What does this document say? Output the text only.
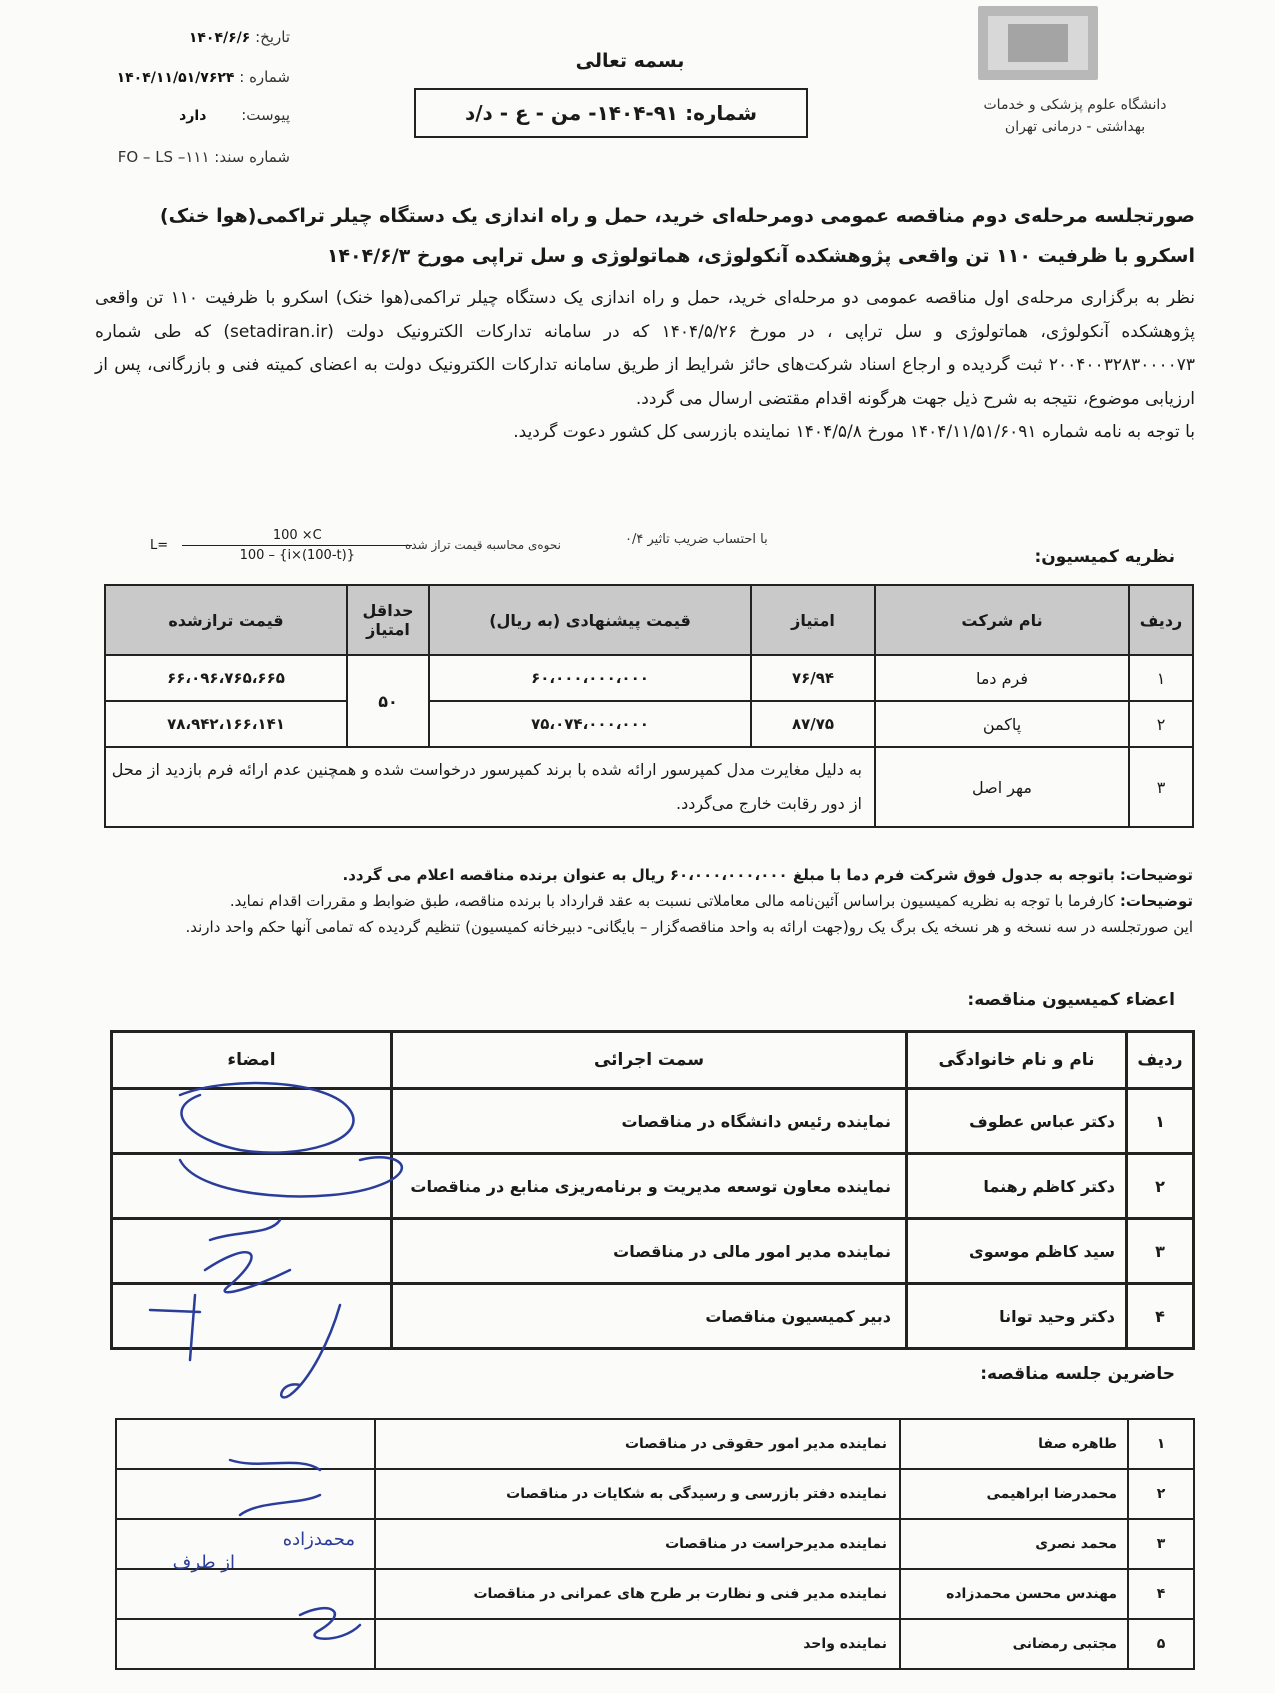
دانشگاه علوم پزشکی و خدمات
بهداشتی - درمانی تهران
بسمه تعالی
شماره: ۹۱-۱۴۰۴- من - ع - د/د
تاریخ: ۱۴۰۴/۶/۶
شماره : ۱۴۰۴/۱۱/۵۱/۷۶۲۴
پیوست: دارد
شماره سند: FO – LS –۱۱۱
صورتجلسه مرحله‌ی دوم مناقصه عمومی دومرحله‌ای خرید، حمل و راه اندازی یک دستگاه چیلر تراکمی(هوا خنک) اسکرو با ظرفیت ۱۱۰ تن واقعی پژوهشکده آنکولوژی، هماتولوژی و سل تراپی مورخ ۱۴۰۴/۶/۳
نظر به برگزاری مرحله‌ی اول مناقصه عمومی دو مرحله‌ای خرید، حمل و راه اندازی یک دستگاه چیلر تراکمی(هوا خنک) اسکرو با ظرفیت ۱۱۰ تن واقعی پژوهشکده آنکولوژی، هماتولوژی و سل تراپی ، در مورخ ۱۴۰۴/۵/۲۶ که در سامانه تدارکات الکترونیک دولت (setadiran.ir) که طی شماره ۲۰۰۴۰۰۳۲۸۳۰۰۰۰۷۳ ثبت گردیده و ارجاع اسناد شرکت‌های حائز شرایط از طریق سامانه تدارکات الکترونیک دولت به اعضای کمیته فنی و بازرگانی، پس از ارزیابی موضوع، نتیجه به شرح ذیل جهت هرگونه اقدام مقتضی ارسال می گردد.
با توجه به نامه شماره ۱۴۰۴/۱۱/۵۱/۶۰۹۱ مورخ ۱۴۰۴/۵/۸ نماینده بازرسی کل کشور دعوت گردید.
$L= \frac{100 \times C}{100 - \{i\times(100-t)\}}$
نحوه‌ی محاسبه قیمت تراز شده	با احتساب ضریب تاثیر ۰/۴
نظریه کمیسیون:
ردیف	نام شرکت	امتیاز	قیمت پیشنهادی (به ریال)	حداقل امتیاز	قیمت ترازشده
۱	فرم دما	۷۶/۹۴	۶۰،۰۰۰،۰۰۰،۰۰۰	۵۰	۶۶،۰۹۶،۷۶۵،۶۶۵
۲	پاکمن	۸۷/۷۵	۷۵،۰۷۴،۰۰۰،۰۰۰		۷۸،۹۴۲،۱۶۶،۱۴۱
۳	مهر اصل	به دلیل مغایرت مدل کمپرسور ارائه شده با برند کمپرسور درخواست شده و همچنین عدم ارائه فرم بازدید از محل از دور رقابت خارج می‌گردد.			
توضیحات: باتوجه به جدول فوق شرکت فرم دما با مبلغ ۶۰،۰۰۰،۰۰۰،۰۰۰ ریال به عنوان برنده مناقصه اعلام می گردد.
توضیحات: کارفرما با توجه به نظریه کمیسیون براساس آئین‌نامه مالی معاملاتی نسبت به عقد قرارداد با برنده مناقصه، طبق ضوابط و مقررات اقدام نماید.
این صورتجلسه در سه نسخه و هر نسخه یک برگ یک رو(جهت ارائه به واحد مناقصه‌گزار – بایگانی- دبیرخانه کمیسیون) تنظیم گردیده که تمامی آنها حکم واحد دارند.
اعضاء کمیسیون مناقصه:
ردیف	نام و نام خانوادگی	سمت اجرائی	امضاء
۱	دکتر عباس عطوف	نماینده رئیس دانشگاه در مناقصات	
۲	دکتر کاظم رهنما	نماینده معاون توسعه مدیریت و برنامه‌ریزی منابع در مناقصات	
۳	سید کاظم موسوی	نماینده مدیر امور مالی در مناقصات	
۴	دکتر وحید توانا	دبیر کمیسیون مناقصات	
حاضرین جلسه مناقصه:
۱	طاهره صفا	نماینده مدیر امور حقوقی در مناقصات	
۲	محمدرضا ابراهیمی	نماینده دفتر بازرسی و رسیدگی به شکایات در مناقصات	
۳	محمد نصری	نماینده مدیرحراست در مناقصات	
۴	مهندس محسن محمدزاده	نماینده مدیر فنی و نظارت بر طرح های عمرانی در مناقصات	
۵	مجتبی رمضانی	نماینده واحد	
از طرف
محمدزاده
